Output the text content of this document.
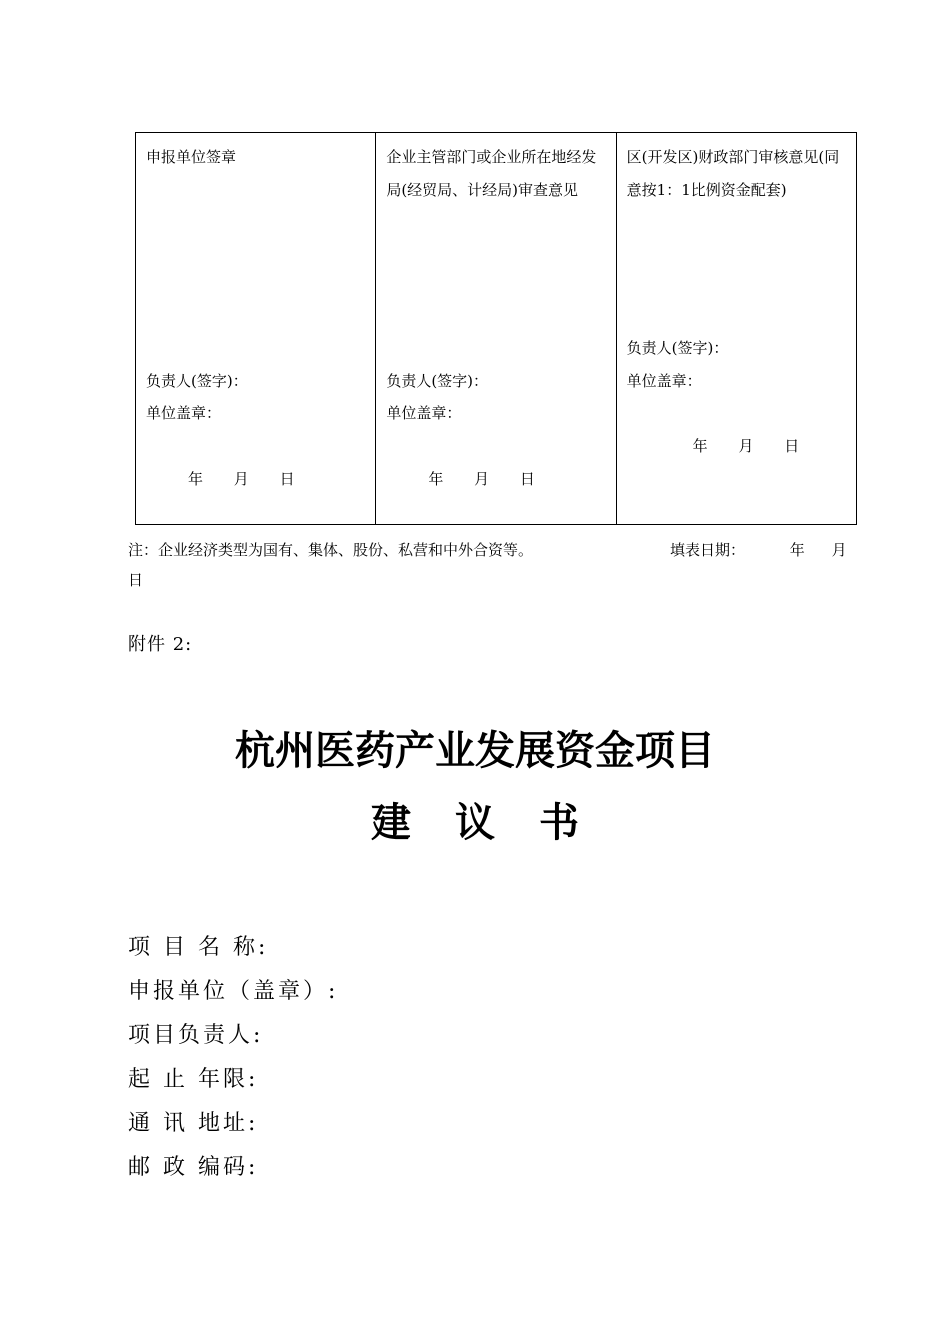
申报单位签章
负责人(签字)：
单位盖章：
年 月 日

企业主管部门或企业所在地经发局(经贸局、计经局)审查意见
负责人(签字)：
单位盖章：
年 月 日

区(开发区)财政部门审核意见(同意按1：1比例资金配套)
负责人(签字)：
单位盖章：
年 月 日
注：企业经济类型为国有、集体、股份、私营和中外合资等。	填表日期：	年 月
日
附件 2:
杭州医药产业发展资金项目
建议书
项 目 名 称:
申报单位（盖章）:
项目负责人:
起 止 年限:
通 讯 地址:
邮 政 编码:
